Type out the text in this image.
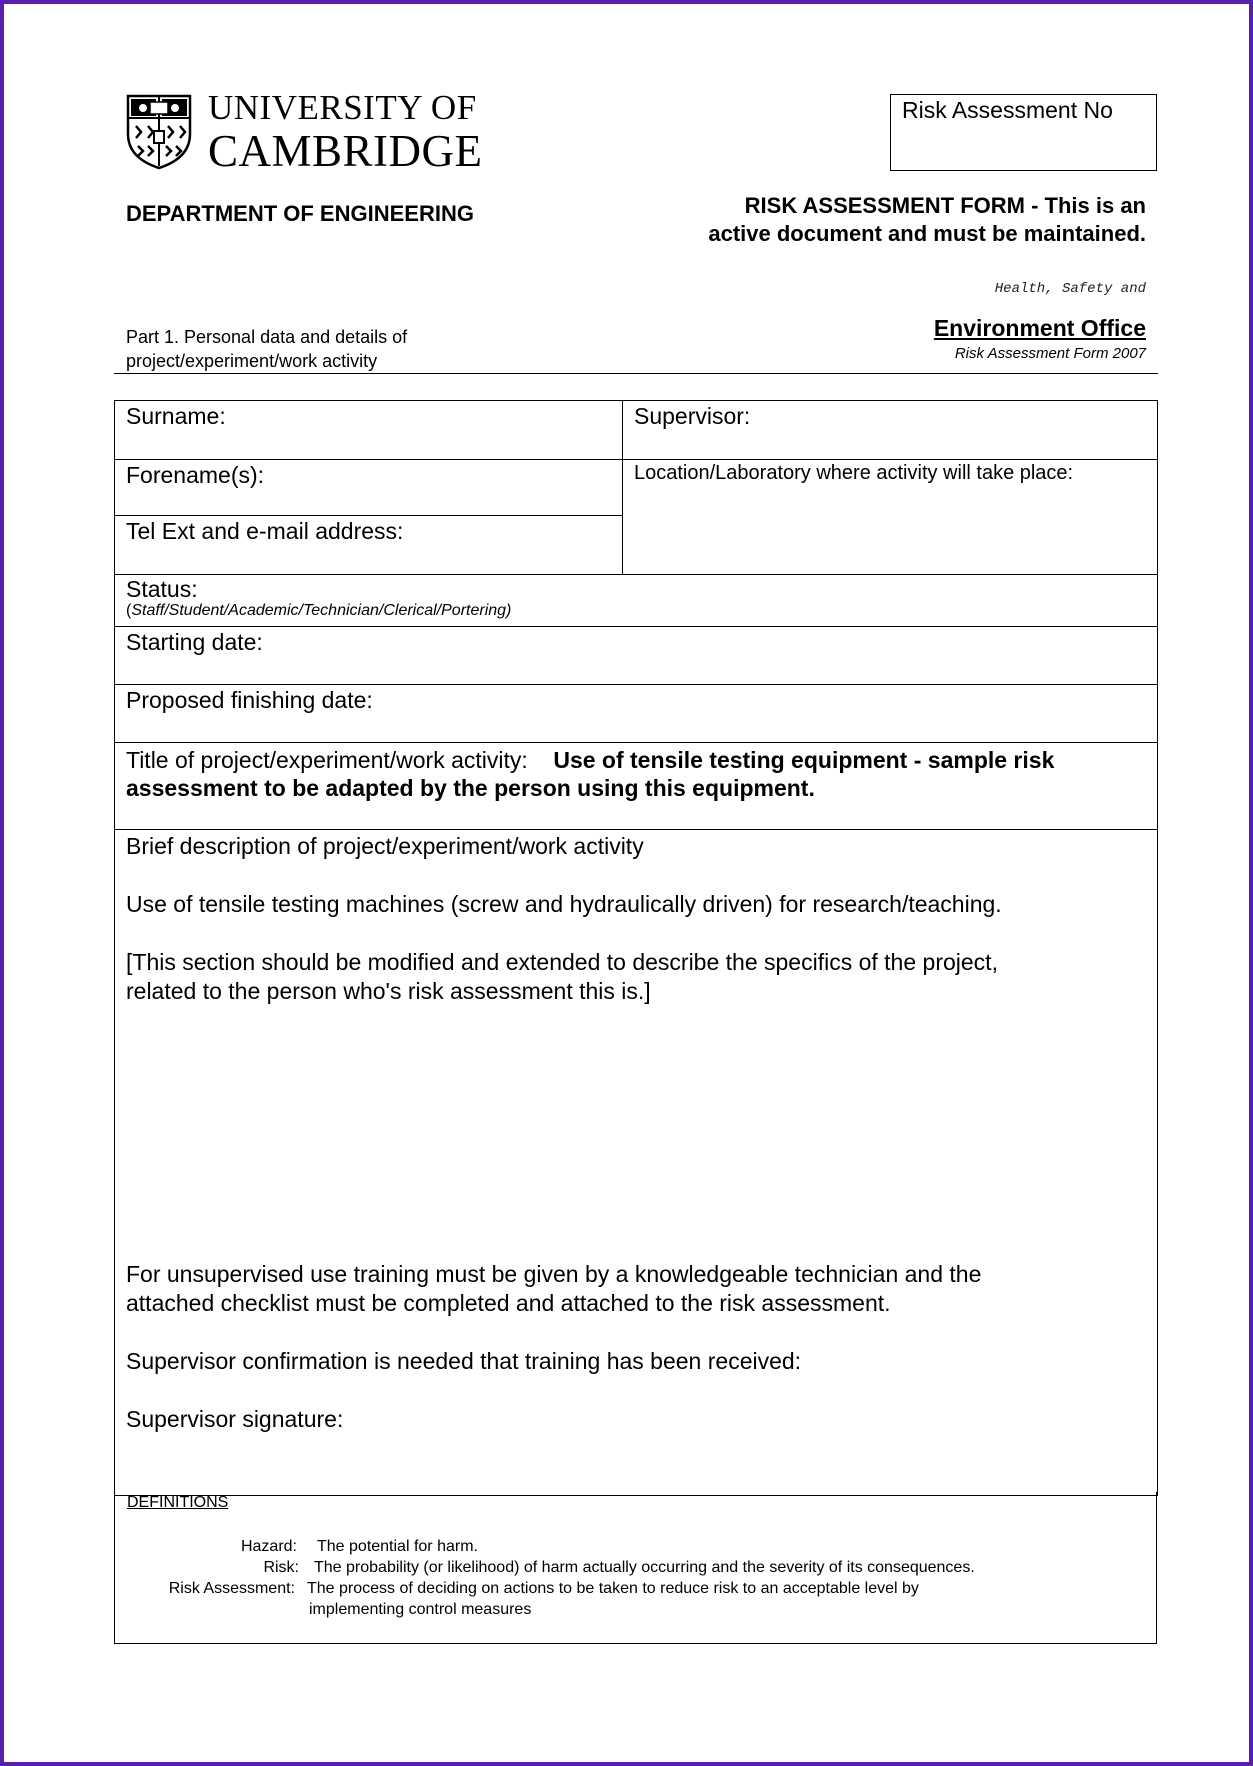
UNIVERSITY OF
CAMBRIDGE
Risk Assessment No
DEPARTMENT OF ENGINEERING	RISK ASSESSMENT FORM - This is an
active document and must be maintained.
Health, Safety and
Environment Office
Risk Assessment Form 2007
Part 1. Personal data and details of
project/experiment/work activity
Surname:	Supervisor:
Forename(s):
Tel Ext and e-mail address:
Location/Laboratory where activity will take place:
Status:
(Staff/Student/Academic/Technician/Clerical/Portering)
Starting date:
Proposed finishing date:
Title of project/experiment/work activity: Use of tensile testing equipment - sample risk
assessment to be adapted by the person using this equipment.

Brief description of project/experiment/work activity

Use of tensile testing machines (screw and hydraulically driven) for research/teaching.

[This section should be modified and extended to describe the specifics of the project,

related to the person who's risk assessment this is.]

For unsupervised use training must be given by a knowledgeable technician and the

attached checklist must be completed and attached to the risk assessment.

Supervisor confirmation is needed that training has been received:

Supervisor signature:

DEFINITIONS
Hazard: The potential for harm.
Risk: The probability (or likelihood) of harm actually occurring and the severity of its consequences.
Risk Assessment: The process of deciding on actions to be taken to reduce risk to an acceptable level by
implementing control measures
